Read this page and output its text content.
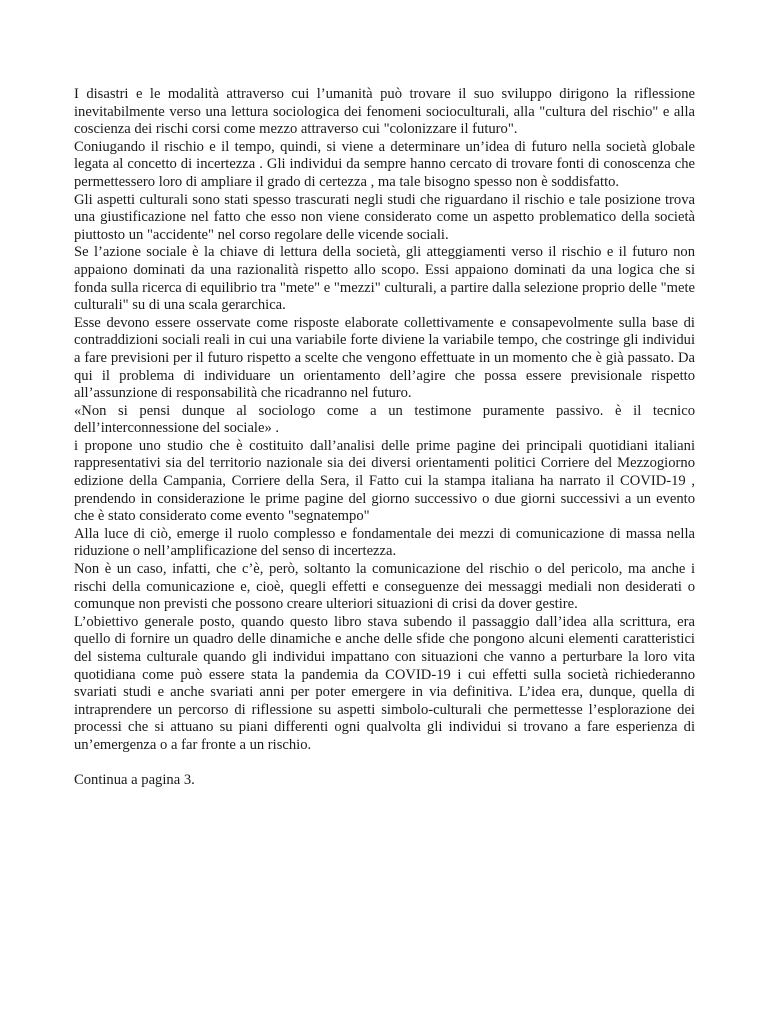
I disastri e le modalità attraverso cui l’umanità può trovare il suo sviluppo dirigono la riflessione inevitabilmente verso una lettura sociologica dei fenomeni socioculturali, alla "cultura del rischio" e alla coscienza dei rischi corsi come mezzo attraverso cui "colonizzare il futuro".

Coniugando il rischio e il tempo, quindi, si viene a determinare un’idea di futuro nella società globale legata al concetto di incertezza . Gli individui da sempre hanno cercato di trovare fonti di conoscenza che permettessero loro di ampliare il grado di certezza , ma tale bisogno spesso non è soddisfatto.

Gli aspetti culturali sono stati spesso trascurati negli studi che riguardano il rischio e tale posizione trova una giustificazione nel fatto che esso non viene considerato come un aspetto problematico della società piuttosto un "accidente" nel corso regolare delle vicende sociali.

Se l’azione sociale è la chiave di lettura della società, gli atteggiamenti verso il rischio e il futuro non appaiono dominati da una razionalità rispetto allo scopo. Essi appaiono dominati da una logica che si fonda sulla ricerca di equilibrio tra "mete" e "mezzi" culturali, a partire dalla selezione proprio delle "mete culturali" su di una scala gerarchica.

Esse devono essere osservate come risposte elaborate collettivamente e consapevolmente sulla base di contraddizioni sociali reali in cui una variabile forte diviene la variabile tempo, che costringe gli individui a fare previsioni per il futuro rispetto a scelte che vengono effettuate in un momento che è già passato. Da qui il problema di individuare un orientamento dell’agire che possa essere previsionale rispetto all’assunzione di responsabilità che ricadranno nel futuro.

«Non si pensi dunque al sociologo come a un testimone puramente passivo. è il tecnico dell’interconnessione del sociale» .

i propone uno studio che è costituito dall’analisi delle prime pagine dei principali quotidiani italiani rappresentativi sia del territorio nazionale sia dei diversi orientamenti politici Corriere del Mezzogiorno edizione della Campania, Corriere della Sera, il Fatto cui la stampa italiana ha narrato il COVID-19 , prendendo in considerazione le prime pagine del giorno successivo o due giorni successivi a un evento che è stato considerato come evento "segnatempo"

Alla luce di ciò, emerge il ruolo complesso e fondamentale dei mezzi di comunicazione di massa nella riduzione o nell’amplificazione del senso di incertezza.

Non è un caso, infatti, che c’è, però, soltanto la comunicazione del rischio o del pericolo, ma anche i rischi della comunicazione e, cioè, quegli effetti e conseguenze dei messaggi mediali non desiderati o comunque non previsti che possono creare ulteriori situazioni di crisi da dover gestire.

L’obiettivo generale posto, quando questo libro stava subendo il passaggio dall’idea alla scrittura, era quello di fornire un quadro delle dinamiche e anche delle sfide che pongono alcuni elementi caratteristici del sistema culturale quando gli individui impattano con situazioni che vanno a perturbare la loro vita quotidiana come può essere stata la pandemia da COVID-19 i cui effetti sulla società richiederanno svariati studi e anche svariati anni per poter emergere in via definitiva. L’idea era, dunque, quella di intraprendere un percorso di riflessione su aspetti simbolo-culturali che permettesse l’esplorazione dei processi che si attuano su piani differenti ogni qualvolta gli individui si trovano a fare esperienza di un’emergenza o a far fronte a un rischio.

Continua a pagina 3.
